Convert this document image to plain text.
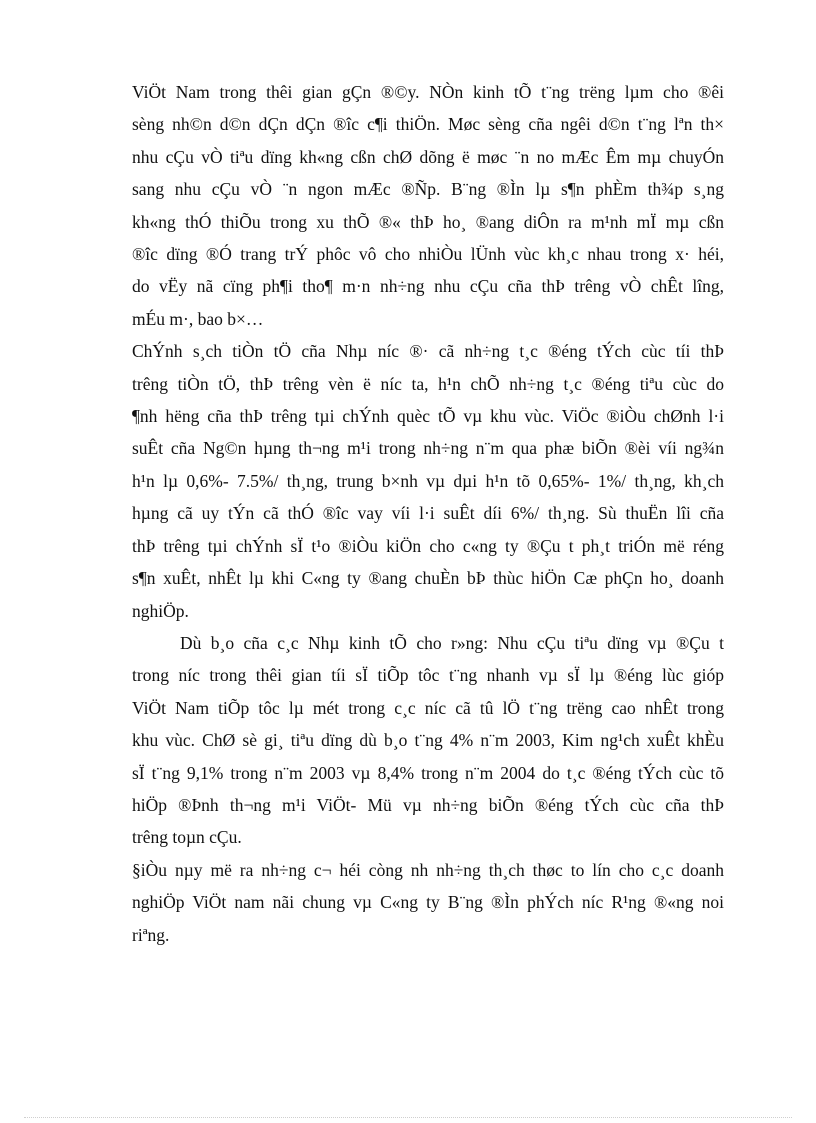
ViÖt Nam trong thêi gian gÇn ®©y. NÒn kinh tÕ t¨ng trëng lµm cho ®êi
sèng nh©n d©n dÇn dÇn ®îc c¶i thiÖn. Møc sèng cña ngêi d©n t¨ng lªn th×
nhu cÇu vÒ tiªu dïng kh«ng cßn chØ dõng ë møc ¨n no mÆc Êm mµ chuyÓn
sang nhu cÇu vÒ ¨n ngon mÆc ®Ñp. B¨ng ®Ìn lµ s¶n phÈm th¾p s¸ng
kh«ng thÓ thiÕu trong xu thÕ ®« thÞ ho¸ ®ang diÔn ra m¹nh mÏ mµ cßn
®îc dïng ®Ó trang trÝ phôc vô cho nhiÒu lÜnh vùc kh¸c nhau trong x· héi,
do vËy nã cïng ph¶i tho¶ m·n nh÷ng nhu cÇu cña thÞ trêng vÒ chÊt lîng,
mÉu m·, bao b×…
ChÝnh s¸ch tiÒn tÖ cña Nhµ níc ®· cã nh÷ng t¸c ®éng tÝch cùc tíi thÞ
trêng tiÒn tÖ, thÞ trêng vèn ë níc ta, h¹n chÕ nh÷ng t¸c ®éng tiªu cùc do
¶nh hëng cña thÞ trêng tµi chÝnh quèc tÕ vµ khu vùc. ViÖc ®iÒu chØnh l·i
suÊt cña Ng©n hµng th¬ng m¹i trong nh÷ng n¨m qua phæ biÕn ®èi víi ng¾n
h¹n lµ 0,6%- 7.5%/ th¸ng, trung b×nh vµ dµi h¹n tõ 0,65%- 1%/ th¸ng, kh¸ch
hµng cã uy tÝn cã thÓ ®îc vay víi l·i suÊt díi 6%/ th¸ng. Sù thuËn lîi cña
thÞ trêng tµi chÝnh sÏ t¹o ®iÒu kiÖn cho c«ng ty ®Çu t ph¸t triÓn më réng
s¶n xuÊt, nhÊt lµ khi C«ng ty ®ang chuÈn bÞ thùc hiÖn Cæ phÇn ho¸ doanh
nghiÖp.
Dù b¸o cña c¸c Nhµ kinh tÕ cho r»ng: Nhu cÇu tiªu dïng vµ ®Çu t
trong níc trong thêi gian tíi sÏ tiÕp tôc t¨ng nhanh vµ sÏ lµ ®éng lùc gióp
ViÖt Nam tiÕp tôc lµ mét trong c¸c níc cã tû lÖ t¨ng trëng cao nhÊt trong
khu vùc. ChØ sè gi¸ tiªu dïng dù b¸o t¨ng 4% n¨m 2003, Kim ng¹ch xuÊt khÈu
sÏ t¨ng 9,1% trong n¨m 2003 vµ 8,4% trong n¨m 2004 do t¸c ®éng tÝch cùc tõ
hiÖp ®Þnh th¬ng m¹i ViÖt- Mü vµ nh÷ng biÕn ®éng tÝch cùc cña thÞ
trêng toµn cÇu.
§iÒu nµy më ra nh÷ng c¬ héi còng nh nh÷ng th¸ch thøc to lín cho c¸c doanh
nghiÖp ViÖt nam nãi chung vµ C«ng ty B¨ng ®Ìn phÝch níc R¹ng ®«ng noi
riªng.
